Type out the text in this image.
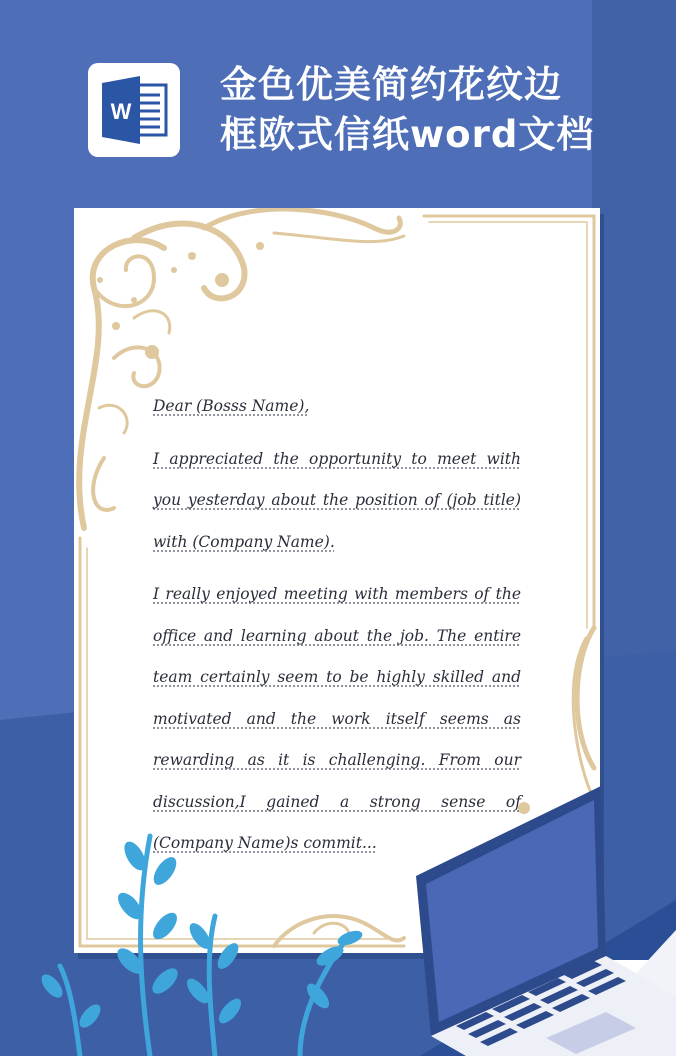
W
金色优美简约花纹边
框欧式信纸word文档

Dear (Bosss Name),

I appreciated the opportunity to meet with you yesterday about the position of (job title) with (Company Name).

I really enjoyed meeting with members of the office and learning about the job. The entire team certainly seem to be highly skilled and motivated and the work itself seems as rewarding as it is challenging. From our discussion,I gained a strong sense of (Company Name)s commit...
